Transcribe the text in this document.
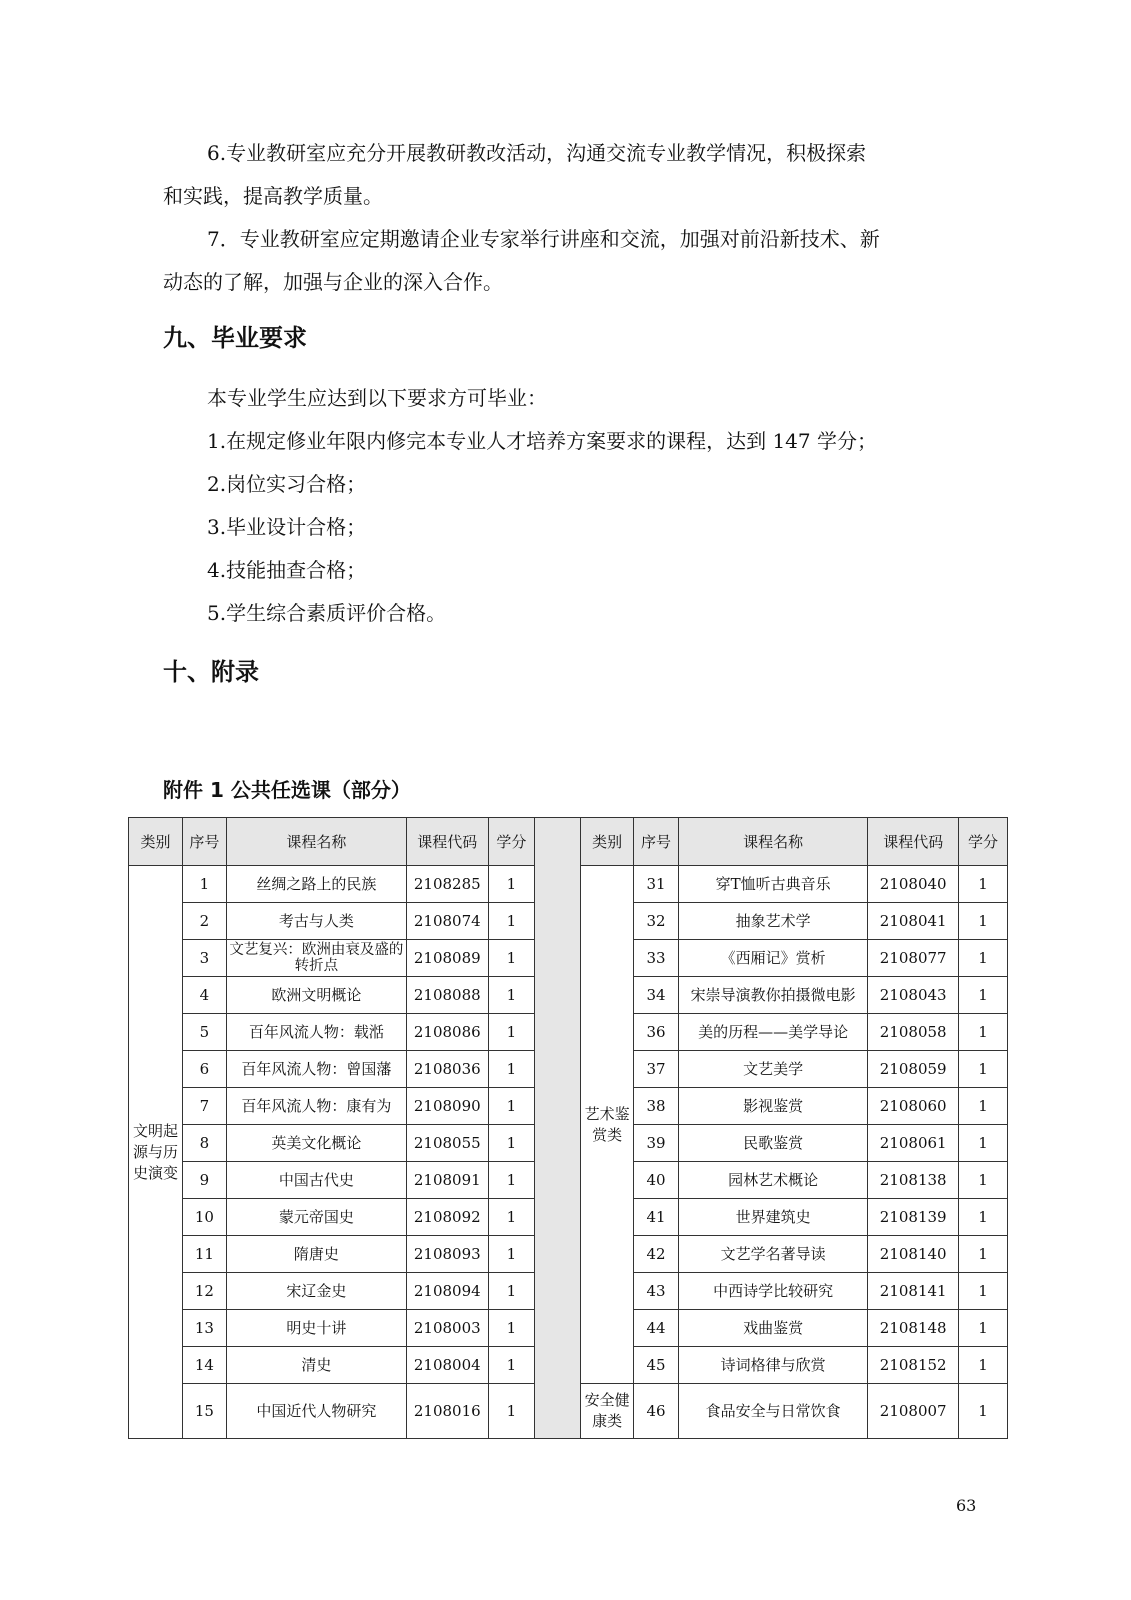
6.专业教研室应充分开展教研教改活动，沟通交流专业教学情况，积极探索
和实践，提高教学质量。
7．专业教研室应定期邀请企业专家举行讲座和交流，加强对前沿新技术、新
动态的了解，加强与企业的深入合作。
九、毕业要求
本专业学生应达到以下要求方可毕业：
1.在规定修业年限内修完本专业人才培养方案要求的课程，达到 147 学分；
2.岗位实习合格；
3.毕业设计合格；
4.技能抽查合格；
5.学生综合素质评价合格。
十、附录
附件 1 公共任选课（部分）
类别	序号	课程名称	课程代码	学分		类别	序号	课程名称	课程代码	学分
文明起源与历史演变	1	丝绸之路上的民族	2108285	1		艺术鉴赏类	31	穿T恤听古典音乐	2108040	1
	2	考古与人类	2108074	1			32	抽象艺术学	2108041	1
	3	文艺复兴：欧洲由衰及盛的转折点	2108089	1			33	《西厢记》赏析	2108077	1
	4	欧洲文明概论	2108088	1			34	宋崇导演教你拍摄微电影	2108043	1
	5	百年风流人物：载湉	2108086	1			36	美的历程——美学导论	2108058	1
	6	百年风流人物：曾国藩	2108036	1			37	文艺美学	2108059	1
	7	百年风流人物：康有为	2108090	1			38	影视鉴赏	2108060	1
	8	英美文化概论	2108055	1			39	民歌鉴赏	2108061	1
	9	中国古代史	2108091	1			40	园林艺术概论	2108138	1
	10	蒙元帝国史	2108092	1			41	世界建筑史	2108139	1
	11	隋唐史	2108093	1			42	文艺学名著导读	2108140	1
	12	宋辽金史	2108094	1			43	中西诗学比较研究	2108141	1
	13	明史十讲	2108003	1			44	戏曲鉴赏	2108148	1
	14	清史	2108004	1			45	诗词格律与欣赏	2108152	1
	15	中国近代人物研究	2108016	1		安全健康类	46	食品安全与日常饮食	2108007	1
63
